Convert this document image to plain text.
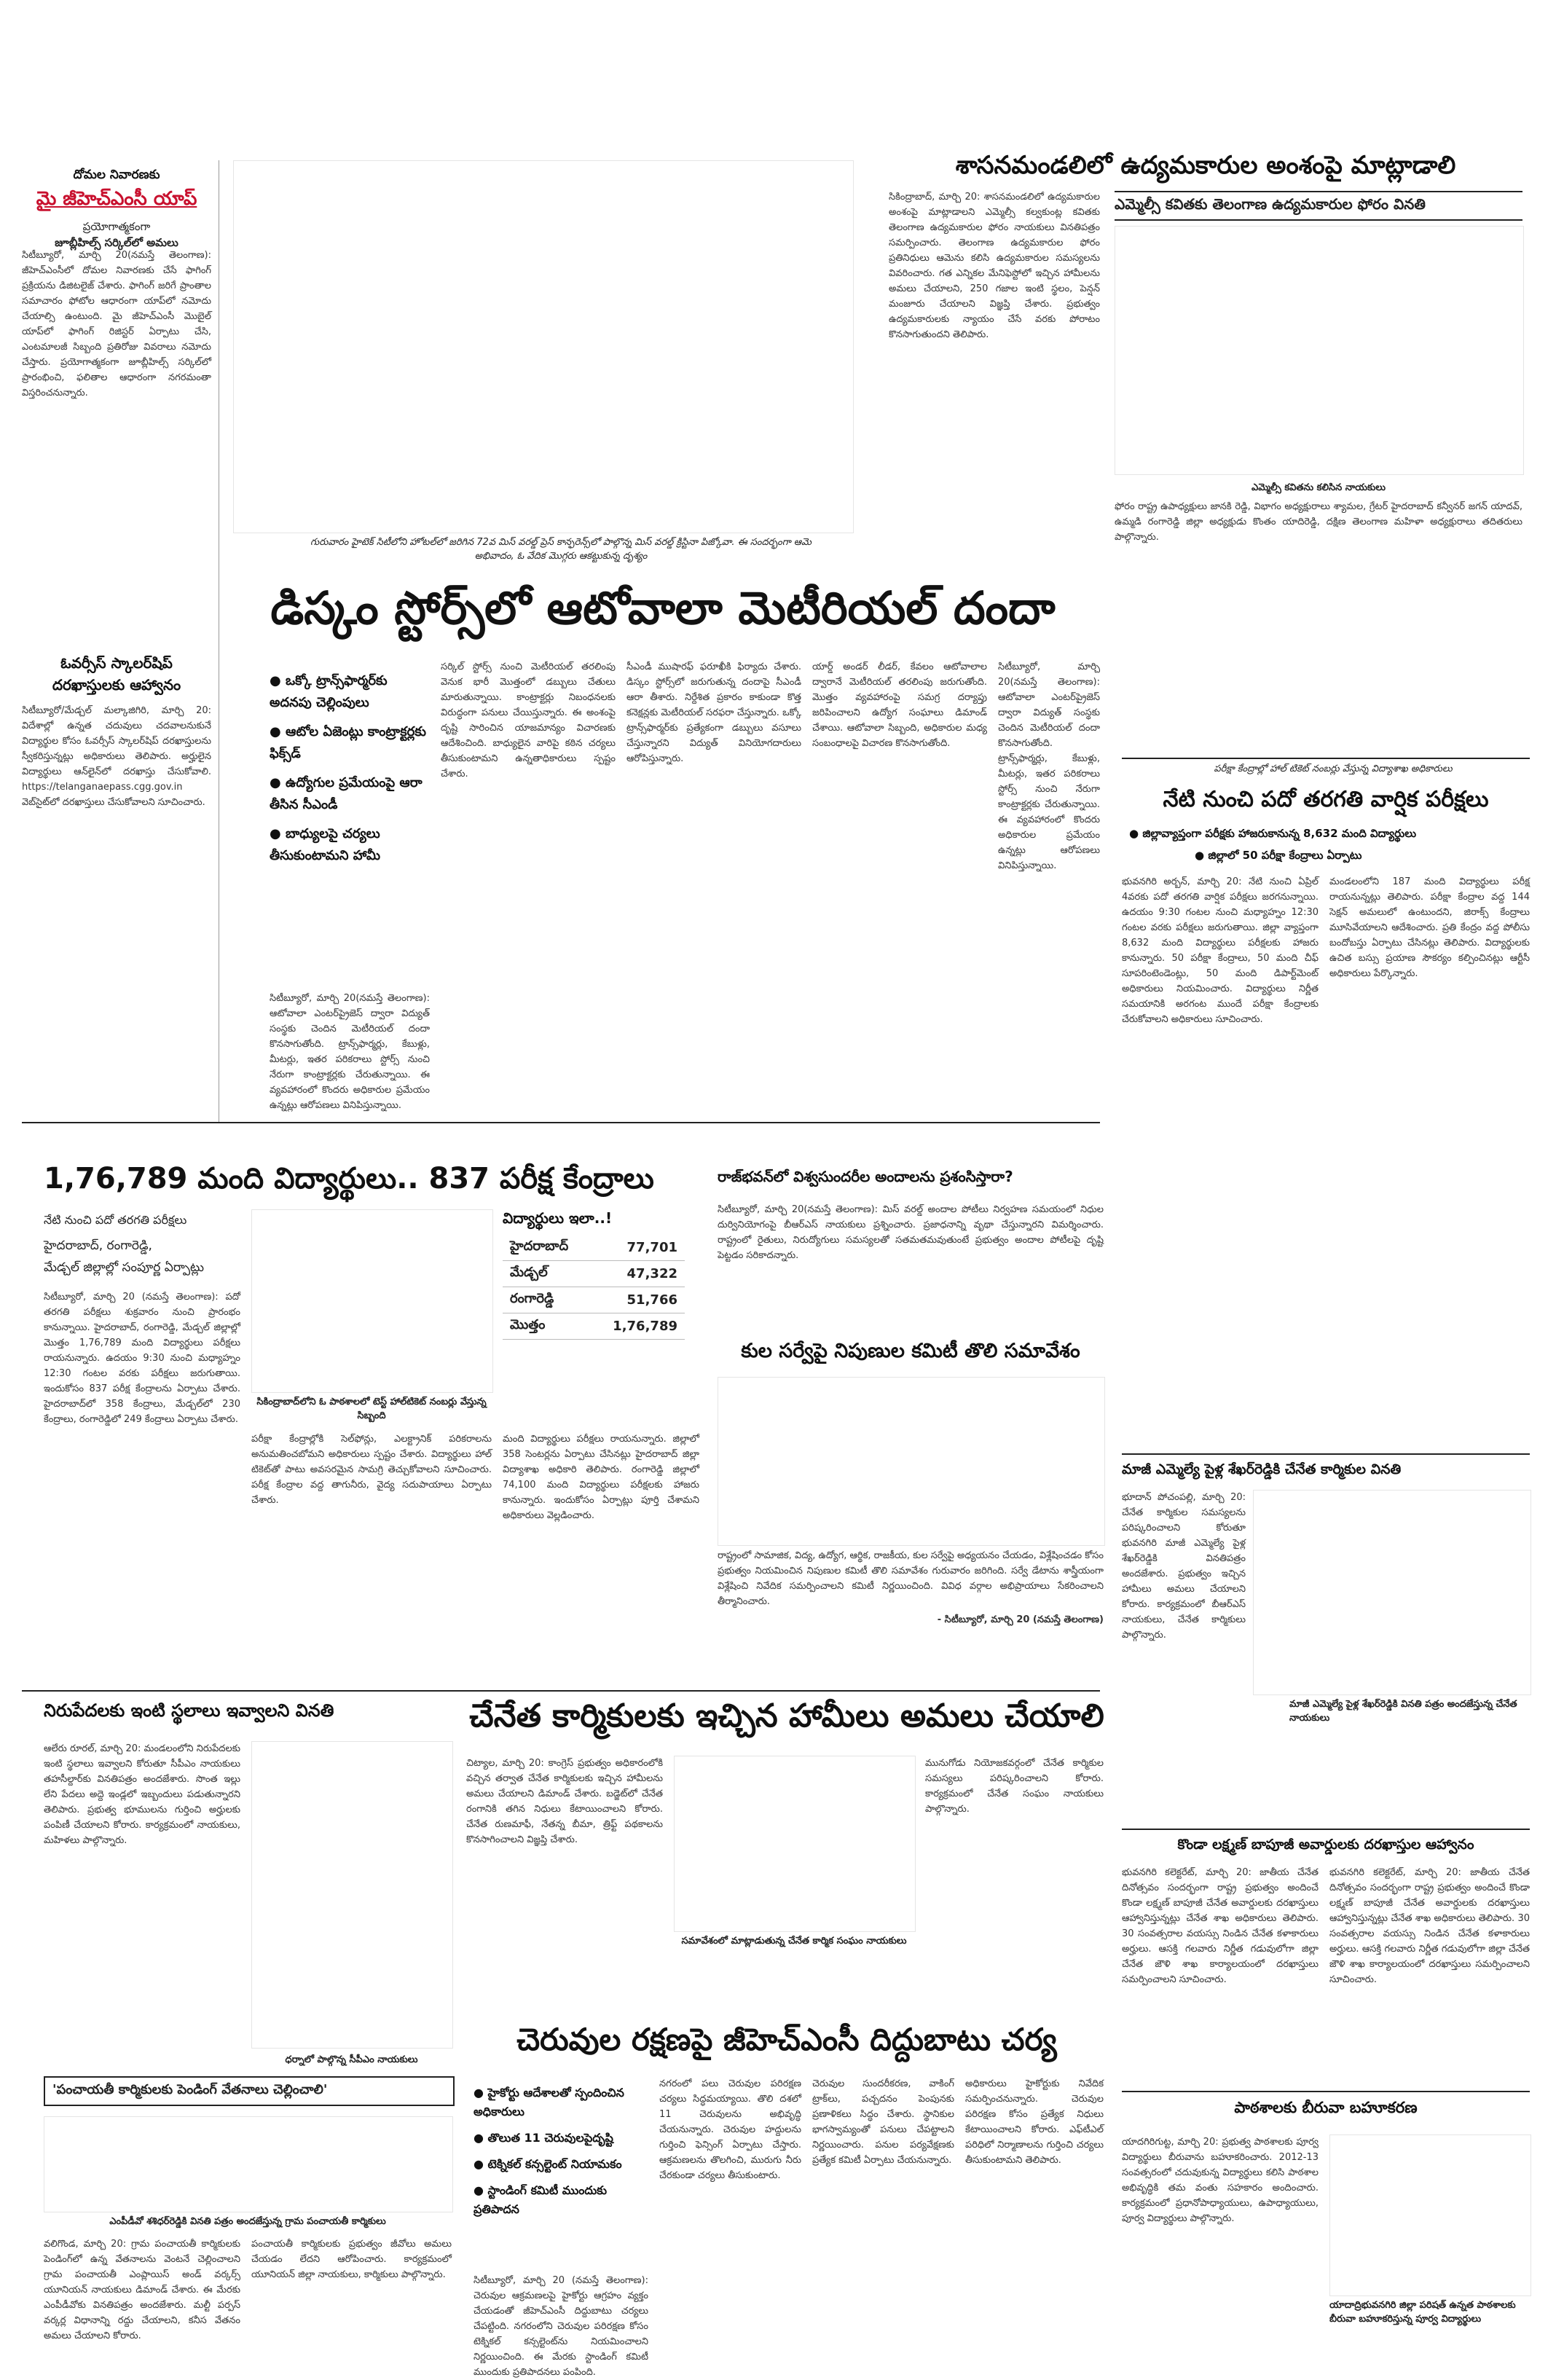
దోమల నివారణకు
మై జీహెచ్‌ఎంసీ యాప్
ప్రయోగాత్మకంగా
జూబ్లీహిల్స్ సర్కిల్‌లో అమలు

సిటీబ్యూరో, మార్చి 20(నమస్తే తెలంగాణ): జీహెచ్‌ఎంసీలో దోమల నివారణకు చేసే ఫాగింగ్ ప్రక్రియను డిజిటలైజ్ చేశారు. ఫాగింగ్ జరిగే ప్రాంతాల సమాచారం ఫోటోల ఆధారంగా యాప్‌లో నమోదు చేయాల్సి ఉంటుంది. మై జీహెచ్‌ఎంసీ మొబైల్ యాప్‌లో ఫాగింగ్ రిజిస్టర్ ఏర్పాటు చేసి, ఎంటమాలజీ సిబ్బంది ప్రతిరోజు వివరాలు నమోదు చేస్తారు. ప్రయోగాత్మకంగా జూబ్లీహిల్స్ సర్కిల్‌లో ప్రారంభించి, ఫలితాల ఆధారంగా నగరమంతా విస్తరించనున్నారు.

ఓవర్సీస్ స్కాలర్‌షిప్ దరఖాస్తులకు ఆహ్వానం

సిటీబ్యూరో/మేడ్చల్ మల్కాజిగిరి, మార్చి 20: విదేశాల్లో ఉన్నత చదువులు చదవాలనుకునే విద్యార్థుల కోసం ఓవర్సీస్ స్కాలర్‌షిప్ దరఖాస్తులను స్వీకరిస్తున్నట్లు అధికారులు తెలిపారు. అర్హులైన విద్యార్థులు ఆన్‌లైన్‌లో దరఖాస్తు చేసుకోవాలి. https://telanganaepass.cgg.gov.in వెబ్‌సైట్‌లో దరఖాస్తులు చేసుకోవాలని సూచించారు.

గురువారం హైటెక్ సిటీలోని హోటల్‌లో జరిగిన 72వ మిస్ వరల్డ్ ప్రెస్ కాన్ఫరెన్స్‌లో పాల్గొన్న మిస్ వరల్డ్ క్రిస్టినా పిజ్కోవా. ఈ సందర్భంగా ఆమె అభివాదం, ఓ వేదిక మొగ్గరు ఆకట్టుకున్న దృశ్యం
శాసనమండలిలో ఉద్యమకారుల అంశంపై మాట్లాడాలి
ఎమ్మెల్సీ కవితకు తెలంగాణ ఉద్యమకారుల ఫోరం వినతి

సికింద్రాబాద్, మార్చి 20: శాసనమండలిలో ఉద్యమకారుల అంశంపై మాట్లాడాలని ఎమ్మెల్సీ కల్వకుంట్ల కవితకు తెలంగాణ ఉద్యమకారుల ఫోరం నాయకులు వినతిపత్రం సమర్పించారు. తెలంగాణ ఉద్యమకారుల ఫోరం ప్రతినిధులు ఆమెను కలిసి ఉద్యమకారుల సమస్యలను వివరించారు. గత ఎన్నికల మేనిఫెస్టోలో ఇచ్చిన హామీలను అమలు చేయాలని, 250 గజాల ఇంటి స్థలం, పెన్షన్ మంజూరు చేయాలని విజ్ఞప్తి చేశారు. ప్రభుత్వం ఉద్యమకారులకు న్యాయం చేసే వరకు పోరాటం కొనసాగుతుందని తెలిపారు.

ఎమ్మెల్సీ కవితను కలిసిన నాయకులు

ఫోరం రాష్ట్ర ఉపాధ్యక్షులు జానకి రెడ్డి, విభాగం అధ్యక్షురాలు శ్యామల, గ్రేటర్ హైదరాబాద్ కన్వీనర్ జగన్ యాదవ్, ఉమ్మడి రంగారెడ్డి జిల్లా అధ్యక్షుడు కొంతం యాదిరెడ్డి, దక్షిణ తెలంగాణ మహిళా అధ్యక్షురాలు తదితరులు పాల్గొన్నారు.

డిస్కం స్టోర్స్‌లో ఆటోవాలా మెటీరియల్ దందా
● ఒక్కో ట్రాన్స్‌ఫార్మర్‌కు అదనపు చెల్లింపులు
● ఆటోల ఏజెంట్లు కాంట్రాక్టర్లకు ఫిక్స్‌డ్
● ఉద్యోగుల ప్రమేయంపై ఆరా తీసిన సీఎండీ
● బాధ్యులపై చర్యలు తీసుకుంటామని హామీ

సిటీబ్యూరో, మార్చి 20(నమస్తే తెలంగాణ): ఆటోవాలా ఎంటర్‌ప్రైజెస్ ద్వారా విద్యుత్ సంస్థకు చెందిన మెటీరియల్ దందా కొనసాగుతోంది. ట్రాన్స్‌ఫార్మర్లు, కేబుళ్లు, మీటర్లు, ఇతర పరికరాలు స్టోర్స్ నుంచి నేరుగా కాంట్రాక్టర్లకు చేరుతున్నాయి. ఈ వ్యవహారంలో కొందరు అధికారుల ప్రమేయం ఉన్నట్లు ఆరోపణలు వినిపిస్తున్నాయి.

సర్కిల్ స్టోర్స్ నుంచి మెటీరియల్ తరలింపు వెనుక భారీ మొత్తంలో డబ్బులు చేతులు మారుతున్నాయి. కాంట్రాక్టర్లు నిబంధనలకు విరుద్ధంగా పనులు చేయిస్తున్నారు. ఈ అంశంపై దృష్టి సారించిన యాజమాన్యం విచారణకు ఆదేశించింది. బాధ్యులైన వారిపై కఠిన చర్యలు తీసుకుంటామని ఉన్నతాధికారులు స్పష్టం చేశారు.

సీఎండీ ముషారఫ్ ఫరూఖీకి ఫిర్యాదు చేశారు. డిస్కం స్టోర్స్‌లో జరుగుతున్న దందాపై సీఎండీ ఆరా తీశారు. నిర్దేశిత ప్రకారం కాకుండా కొత్త కనెక్షన్లకు మెటీరియల్ సరఫరా చేస్తున్నారు. ఒక్కో ట్రాన్స్‌ఫార్మర్‌కు ప్రత్యేకంగా డబ్బులు వసూలు చేస్తున్నారని విద్యుత్ వినియోగదారులు ఆరోపిస్తున్నారు.

యార్డ్ అండర్ లీడర్, కేవలం ఆటోవాలాల ద్వారానే మెటీరియల్ తరలింపు జరుగుతోంది. మొత్తం వ్యవహారంపై సమగ్ర దర్యాప్తు జరిపించాలని ఉద్యోగ సంఘాలు డిమాండ్ చేశాయి. ఆటోవాలా సిబ్బంది, అధికారుల మధ్య సంబంధాలపై విచారణ కొనసాగుతోంది.

సిటీబ్యూరో, మార్చి 20(నమస్తే తెలంగాణ): ఆటోవాలా ఎంటర్‌ప్రైజెస్ ద్వారా విద్యుత్ సంస్థకు చెందిన మెటీరియల్ దందా కొనసాగుతోంది. ట్రాన్స్‌ఫార్మర్లు, కేబుళ్లు, మీటర్లు, ఇతర పరికరాలు స్టోర్స్ నుంచి నేరుగా కాంట్రాక్టర్లకు చేరుతున్నాయి. ఈ వ్యవహారంలో కొందరు అధికారుల ప్రమేయం ఉన్నట్లు ఆరోపణలు వినిపిస్తున్నాయి.

పరీక్షా కేంద్రాల్లో హాల్ టికెట్ నంబర్లు వేస్తున్న విద్యాశాఖ అధికారులు
నేటి నుంచి పదో తరగతి వార్షిక పరీక్షలు
● జిల్లావ్యాప్తంగా పరీక్షకు హాజరుకానున్న 8,632 మంది విద్యార్థులు
● జిల్లాలో 50 పరీక్షా కేంద్రాలు ఏర్పాటు

భువనగిరి అర్బన్, మార్చి 20: నేటి నుంచి ఏప్రిల్ 4వరకు పదో తరగతి వార్షిక పరీక్షలు జరగనున్నాయి. ఉదయం 9:30 గంటల నుంచి మధ్యాహ్నం 12:30 గంటల వరకు పరీక్షలు జరుగుతాయి. జిల్లా వ్యాప్తంగా 8,632 మంది విద్యార్థులు పరీక్షలకు హాజరు కానున్నారు. 50 పరీక్షా కేంద్రాలు, 50 మంది చీఫ్ సూపరింటెండెంట్లు, 50 మంది డిపార్ట్‌మెంట్ అధికారులు నియమించారు. విద్యార్థులు నిర్ణీత సమయానికి అరగంట ముందే పరీక్షా కేంద్రాలకు చేరుకోవాలని అధికారులు సూచించారు.

మండలంలోని 187 మంది విద్యార్థులు పరీక్ష రాయనున్నట్లు తెలిపారు. పరీక్షా కేంద్రాల వద్ద 144 సెక్షన్ అమలులో ఉంటుందని, జిరాక్స్ కేంద్రాలు మూసివేయాలని ఆదేశించారు. ప్రతి కేంద్రం వద్ద పోలీసు బందోబస్తు ఏర్పాటు చేసినట్లు తెలిపారు. విద్యార్థులకు ఉచిత బస్సు ప్రయాణ సౌకర్యం కల్పించినట్లు ఆర్టీసీ అధికారులు పేర్కొన్నారు.

మాజీ ఎమ్మెల్యే పైళ్ల శేఖర్‌రెడ్డికి చేనేత కార్మికుల వినతి

భూదాన్ పోచంపల్లి, మార్చి 20: చేనేత కార్మికుల సమస్యలను పరిష్కరించాలని కోరుతూ భువనగిరి మాజీ ఎమ్మెల్యే పైళ్ల శేఖర్‌రెడ్డికి వినతిపత్రం అందజేశారు. ప్రభుత్వం ఇచ్చిన హామీలు అమలు చేయాలని కోరారు. కార్యక్రమంలో బీఆర్‌ఎస్ నాయకులు, చేనేత కార్మికులు పాల్గొన్నారు.

మాజీ ఎమ్మెల్యే పైళ్ల శేఖర్‌రెడ్డికి వినతి పత్రం అందజేస్తున్న చేనేత నాయకులు
కొండా లక్ష్మణ్ బాపూజీ అవార్డులకు దరఖాస్తుల ఆహ్వానం

భువనగిరి కలెక్టరేట్, మార్చి 20: జాతీయ చేనేత దినోత్సవం సందర్భంగా రాష్ట్ర ప్రభుత్వం అందించే కొండా లక్ష్మణ్ బాపూజీ చేనేత అవార్డులకు దరఖాస్తులు ఆహ్వానిస్తున్నట్లు చేనేత శాఖ అధికారులు తెలిపారు. 30 సంవత్సరాల వయస్సు నిండిన చేనేత కళాకారులు అర్హులు. ఆసక్తి గలవారు నిర్ణీత గడువులోగా జిల్లా చేనేత జౌళి శాఖ కార్యాలయంలో దరఖాస్తులు సమర్పించాలని సూచించారు.

భువనగిరి కలెక్టరేట్, మార్చి 20: జాతీయ చేనేత దినోత్సవం సందర్భంగా రాష్ట్ర ప్రభుత్వం అందించే కొండా లక్ష్మణ్ బాపూజీ చేనేత అవార్డులకు దరఖాస్తులు ఆహ్వానిస్తున్నట్లు చేనేత శాఖ అధికారులు తెలిపారు. 30 సంవత్సరాల వయస్సు నిండిన చేనేత కళాకారులు అర్హులు. ఆసక్తి గలవారు నిర్ణీత గడువులోగా జిల్లా చేనేత జౌళి శాఖ కార్యాలయంలో దరఖాస్తులు సమర్పించాలని సూచించారు.

పాఠశాలకు బీరువా బహూకరణ

యాదగిరిగుట్ట, మార్చి 20: ప్రభుత్వ పాఠశాలకు పూర్వ విద్యార్థులు బీరువాను బహూకరించారు. 2012-13 సంవత్సరంలో చదువుకున్న విద్యార్థులు కలిసి పాఠశాల అభివృద్ధికి తమ వంతు సహకారం అందించారు. కార్యక్రమంలో ప్రధానోపాధ్యాయులు, ఉపాధ్యాయులు, పూర్వ విద్యార్థులు పాల్గొన్నారు.

యాదాద్రిభువనగిరి జిల్లా పరిషత్ ఉన్నత పాఠశాలకు బీరువా బహూకరిస్తున్న పూర్వ విద్యార్థులు
1,76,789 మంది విద్యార్థులు.. 837 పరీక్ష కేంద్రాలు
నేటి నుంచి పదో తరగతి పరీక్షలు
హైదరాబాద్, రంగారెడ్డి,
మేడ్చల్ జిల్లాల్లో సంపూర్ణ ఏర్పాట్లు

సిటీబ్యూరో, మార్చి 20 (నమస్తే తెలంగాణ): పదో తరగతి పరీక్షలు శుక్రవారం నుంచి ప్రారంభం కానున్నాయి. హైదరాబాద్, రంగారెడ్డి, మేడ్చల్ జిల్లాల్లో మొత్తం 1,76,789 మంది విద్యార్థులు పరీక్షలు రాయనున్నారు. ఉదయం 9:30 నుంచి మధ్యాహ్నం 12:30 గంటల వరకు పరీక్షలు జరుగుతాయి. ఇందుకోసం 837 పరీక్ష కేంద్రాలను ఏర్పాటు చేశారు. హైదరాబాద్‌లో 358 కేంద్రాలు, మేడ్చల్‌లో 230 కేంద్రాలు, రంగారెడ్డిలో 249 కేంద్రాలు ఏర్పాటు చేశారు.

సికింద్రాబాద్‌లోని ఓ పాఠశాలలో టెస్ట్ హాల్‌టికెట్ నంబర్లు వేస్తున్న సిబ్బంది

పరీక్షా కేంద్రాల్లోకి సెల్‌ఫోన్లు, ఎలక్ట్రానిక్ పరికరాలను అనుమతించబోమని అధికారులు స్పష్టం చేశారు. విద్యార్థులు హాల్ టికెట్‌తో పాటు అవసరమైన సామగ్రి తెచ్చుకోవాలని సూచించారు. పరీక్ష కేంద్రాల వద్ద తాగునీరు, వైద్య సదుపాయాలు ఏర్పాటు చేశారు.

విద్యార్థులు ఇలా..!
హైదరాబాద్	77,701
మేడ్చల్	47,322
రంగారెడ్డి	51,766
మొత్తం	1,76,789

మంది విద్యార్థులు పరీక్షలు రాయనున్నారు. జిల్లాలో 358 సెంటర్లను ఏర్పాటు చేసినట్లు హైదరాబాద్ జిల్లా విద్యాశాఖ అధికారి తెలిపారు. రంగారెడ్డి జిల్లాలో 74,100 మంది విద్యార్థులు పరీక్షలకు హాజరు కానున్నారు. ఇందుకోసం ఏర్పాట్లు పూర్తి చేశామని అధికారులు వెల్లడించారు.

రాజ్‌భవన్‌లో విశ్వసుందరీల అందాలను ప్రశంసిస్తారా?

సిటీబ్యూరో, మార్చి 20(నమస్తే తెలంగాణ): మిస్ వరల్డ్ అందాల పోటీలు నిర్వహణ సమయంలో నిధుల దుర్వినియోగంపై బీఆర్‌ఎస్ నాయకులు ప్రశ్నించారు. ప్రజాధనాన్ని వృథా చేస్తున్నారని విమర్శించారు. రాష్ట్రంలో రైతులు, నిరుద్యోగులు సమస్యలతో సతమతమవుతుంటే ప్రభుత్వం అందాల పోటీలపై దృష్టి పెట్టడం సరికాదన్నారు.

కుల సర్వేపై నిపుణుల కమిటీ తొలి సమావేశం

రాష్ట్రంలో సామాజిక, విద్య, ఉద్యోగ, ఆర్థిక, రాజకీయ, కుల సర్వేపై అధ్యయనం చేయడం, విశ్లేషించడం కోసం ప్రభుత్వం నియమించిన నిపుణుల కమిటీ తొలి సమావేశం గురువారం జరిగింది. సర్వే డేటాను శాస్త్రీయంగా విశ్లేషించి నివేదిక సమర్పించాలని కమిటీ నిర్ణయించింది. వివిధ వర్గాల అభిప్రాయాలు సేకరించాలని తీర్మానించారు.

- సిటీబ్యూరో, మార్చి 20 (నమస్తే తెలంగాణ)

నిరుపేదలకు ఇంటి స్థలాలు ఇవ్వాలని వినతి

ఆలేరు రూరల్, మార్చి 20: మండలంలోని నిరుపేదలకు ఇంటి స్థలాలు ఇవ్వాలని కోరుతూ సీపీఎం నాయకులు తహసీల్దార్‌కు వినతిపత్రం అందజేశారు. సొంత ఇల్లు లేని పేదలు అద్దె ఇండ్లలో ఇబ్బందులు పడుతున్నారని తెలిపారు. ప్రభుత్వ భూములను గుర్తించి అర్హులకు పంపిణీ చేయాలని కోరారు. కార్యక్రమంలో నాయకులు, మహిళలు పాల్గొన్నారు.

ధర్నాలో పాల్గొన్న సీపీఎం నాయకులు
'పంచాయతీ కార్మికులకు పెండింగ్ వేతనాలు చెల్లించాలి'
ఎంపీడీవో శశిధర్‌రెడ్డికి వినతి పత్రం అందజేస్తున్న గ్రామ పంచాయతీ కార్మికులు

వలిగొండ, మార్చి 20: గ్రామ పంచాయతీ కార్మికులకు పెండింగ్‌లో ఉన్న వేతనాలను వెంటనే చెల్లించాలని గ్రామ పంచాయతీ ఎంప్లాయిస్ అండ్ వర్కర్స్ యూనియన్ నాయకులు డిమాండ్ చేశారు. ఈ మేరకు ఎంపీడీవోకు వినతిపత్రం అందజేశారు. మల్టీ పర్పస్ వర్కర్ల విధానాన్ని రద్దు చేయాలని, కనీస వేతనం అమలు చేయాలని కోరారు.

పంచాయతీ కార్మికులకు ప్రభుత్వం జీవోలు అమలు చేయడం లేదని ఆరోపించారు. కార్యక్రమంలో యూనియన్ జిల్లా నాయకులు, కార్మికులు పాల్గొన్నారు.

చేనేత కార్మికులకు ఇచ్చిన హామీలు అమలు చేయాలి

చిట్యాల, మార్చి 20: కాంగ్రెస్ ప్రభుత్వం అధికారంలోకి వచ్చిన తర్వాత చేనేత కార్మికులకు ఇచ్చిన హామీలను అమలు చేయాలని డిమాండ్ చేశారు. బడ్జెట్‌లో చేనేత రంగానికి తగిన నిధులు కేటాయించాలని కోరారు. చేనేత రుణమాఫీ, నేతన్న బీమా, త్రిఫ్ట్ పథకాలను కొనసాగించాలని విజ్ఞప్తి చేశారు.

సమావేశంలో మాట్లాడుతున్న చేనేత కార్మిక సంఘం నాయకులు

మునుగోడు నియోజకవర్గంలో చేనేత కార్మికుల సమస్యలు పరిష్కరించాలని కోరారు. కార్యక్రమంలో చేనేత సంఘం నాయకులు పాల్గొన్నారు.

చెరువుల రక్షణపై జీహెచ్‌ఎంసీ దిద్దుబాటు చర్య
● హైకోర్టు ఆదేశాలతో స్పందించిన అధికారులు
● తొలుత 11 చెరువులపైదృష్టి
● టెక్నికల్ కన్సల్టెంట్ నియామకం
● స్టాండింగ్ కమిటీ ముందుకు ప్రతిపాదన

సిటీబ్యూరో, మార్చి 20 (నమస్తే తెలంగాణ): చెరువుల ఆక్రమణలపై హైకోర్టు ఆగ్రహం వ్యక్తం చేయడంతో జీహెచ్‌ఎంసీ దిద్దుబాటు చర్యలు చేపట్టింది. నగరంలోని చెరువుల పరిరక్షణ కోసం టెక్నికల్ కన్సల్టెంట్‌ను నియమించాలని నిర్ణయించింది. ఈ మేరకు స్టాండింగ్ కమిటీ ముందుకు ప్రతిపాదనలు పంపింది.

నగరంలో పలు చెరువుల పరిరక్షణ చర్యలు సిద్ధమయ్యాయి. తొలి దశలో 11 చెరువులను అభివృద్ధి చేయనున్నారు. చెరువుల హద్దులను గుర్తించి ఫెన్సింగ్ ఏర్పాటు చేస్తారు. ఆక్రమణలను తొలగించి, మురుగు నీరు చేరకుండా చర్యలు తీసుకుంటారు.

చెరువుల సుందరీకరణ, వాకింగ్ ట్రాక్‌లు, పచ్చదనం పెంపునకు ప్రణాళికలు సిద్ధం చేశారు. స్థానికుల భాగస్వామ్యంతో పనులు చేపట్టాలని నిర్ణయించారు. పనుల పర్యవేక్షణకు ప్రత్యేక కమిటీ ఏర్పాటు చేయనున్నారు.

అధికారులు హైకోర్టుకు నివేదిక సమర్పించనున్నారు. చెరువుల పరిరక్షణ కోసం ప్రత్యేక నిధులు కేటాయించాలని కోరారు. ఎఫ్‌టీఎల్ పరిధిలో నిర్మాణాలను గుర్తించి చర్యలు తీసుకుంటామని తెలిపారు.
